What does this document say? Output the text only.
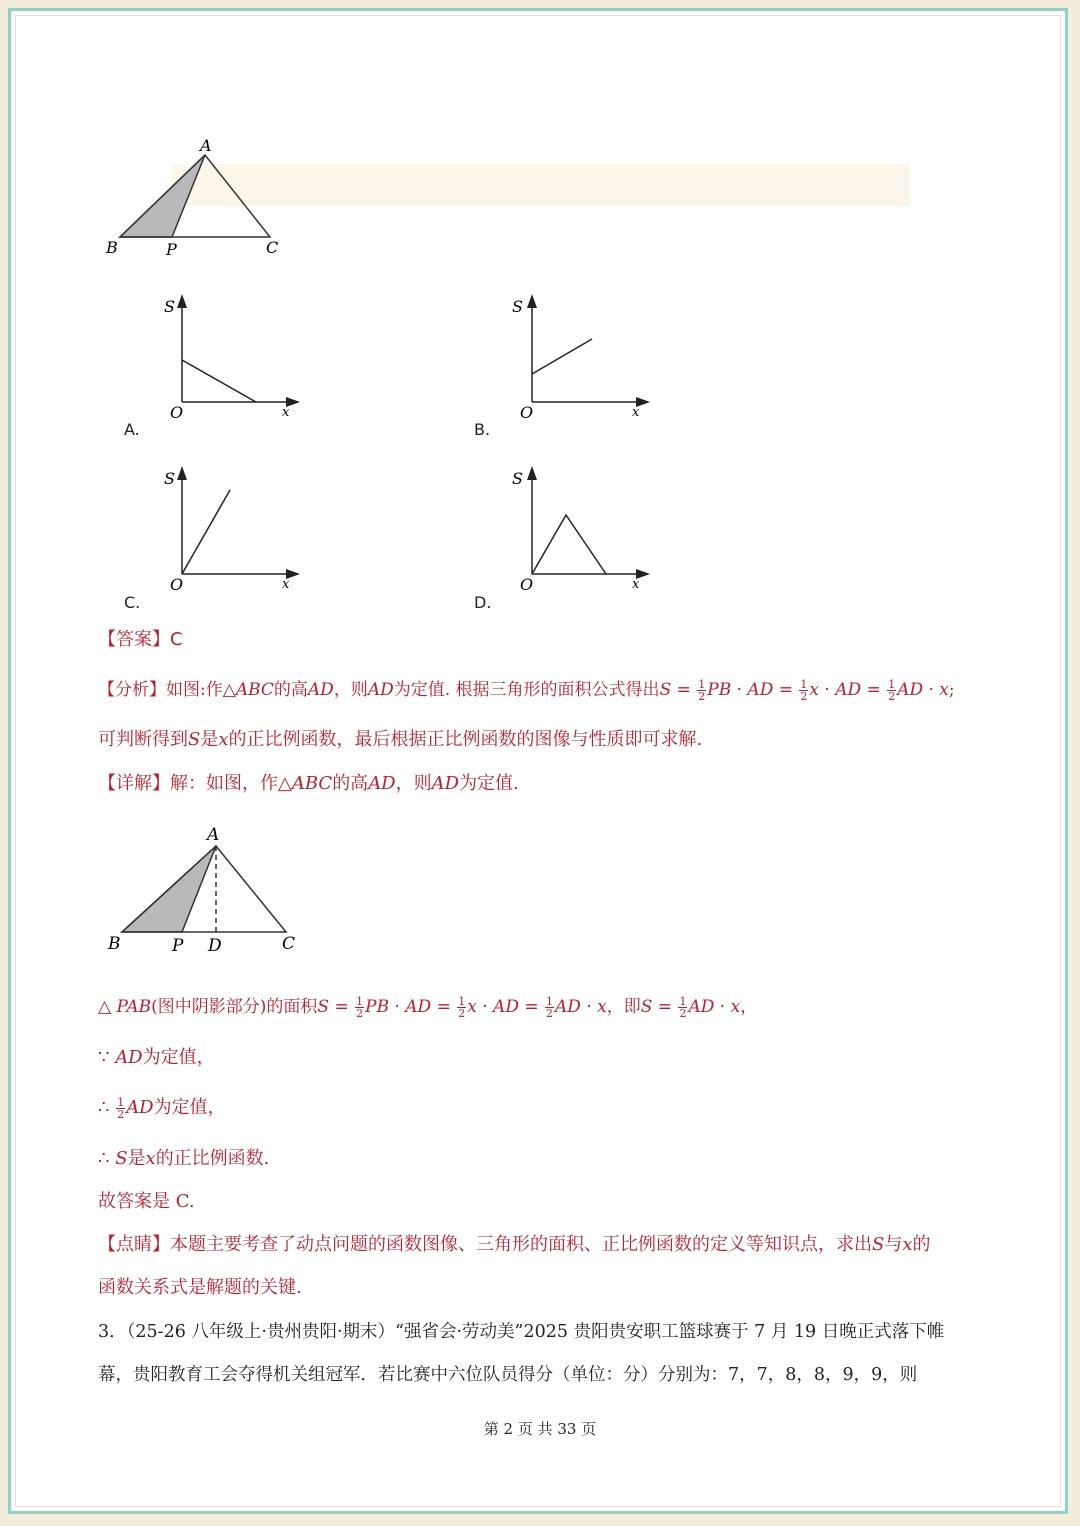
A
B	P	C
S
O	x
A.
S
O	x
B.
S
O	x
C.
S
O	x
D.
【答案】C
【分析】如图:作△ABC的高AD，则AD为定值. 根据三角形的面积公式得出$S = \frac{1}{2}$ PB · AD = $\frac{1}{2}$ x · AD = $\frac{1}{2}$ AD · x;
可判断得到S是x的正比例函数，最后根据正比例函数的图像与性质即可求解.
【详解】解：如图，作△ABC的高AD，则AD为定值.
A
B	P D	C
△ PAB(图中阴影部分)的面积$S = \frac{1}{2}$ PB · AD = $\frac{1}{2}$ x · AD = $\frac{1}{2}$ AD · x，即$S = \frac{1}{2}$ AD · x，
∵ AD为定值，
∴ $\frac{1}{2}$ AD为定值，
∴ S是x的正比例函数.
故答案是 C.
【点睛】本题主要考查了动点问题的函数图像、三角形的面积、正比例函数的定义等知识点，求出S与x的
函数关系式是解题的关键.
3．（25-26 八年级上·贵州贵阳·期末）“强省会·劳动美”2025 贵阳贵安职工篮球赛于 7 月 19 日晚正式落下帷
幕，贵阳教育工会夺得机关组冠军．若比赛中六位队员得分（单位：分）分别为：7，7，8，8，9，9，则
第 2 页 共 33 页
